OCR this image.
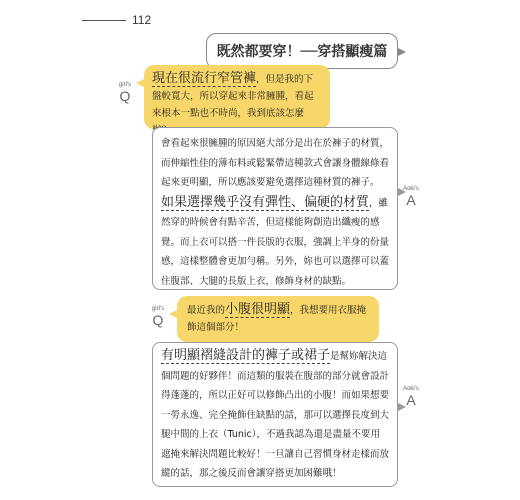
112
既然都要穿！──穿搭顯瘦篇
girl's
Q
現在很流行窄管褲，但是我的下盤較寬大，所以穿起來非常臃腫，看起來根本一點也不時尚，我到底該怎麼
會看起來很臃腫的原因絕大部分是出在於褲子的材質，而伸縮性佳的薄布料或鬆緊帶這種款式會讓身體線條看起來更明顯，所以應該要避免選擇這種材質的褲子。如果選擇幾乎沒有彈性、偏硬的材質，雖然穿的時候會有點辛苦，但這樣能夠創造出纖瘦的感覺。而上衣可以搭一件長版的衣服，強調上半身的份量感，這樣整體會更加勻稱。另外，妳也可以選擇可以蓋住腹部、大腿的長版上衣，修飾身材的缺點。
Aoki's
A
girl's
Q
最近我的小腹很明顯，我想要用衣服掩飾這個部分！
有明顯褶縫設計的褲子或裙子是幫妳解決這個問題的好夥伴！而這類的服裝在腹部的部分就會設計得蓬蓬的，所以正好可以修飾凸出的小腹！而如果想要一勞永逸、完全掩飾住缺點的話，那可以選擇長度到大腿中間的上衣（Tunic），不過我認為還是盡量不要用遮掩來解決問題比較好！一旦讓自己習慣身材走樣而放縱的話，那之後反而會讓穿搭更加困難哦！
Aoki's
A
